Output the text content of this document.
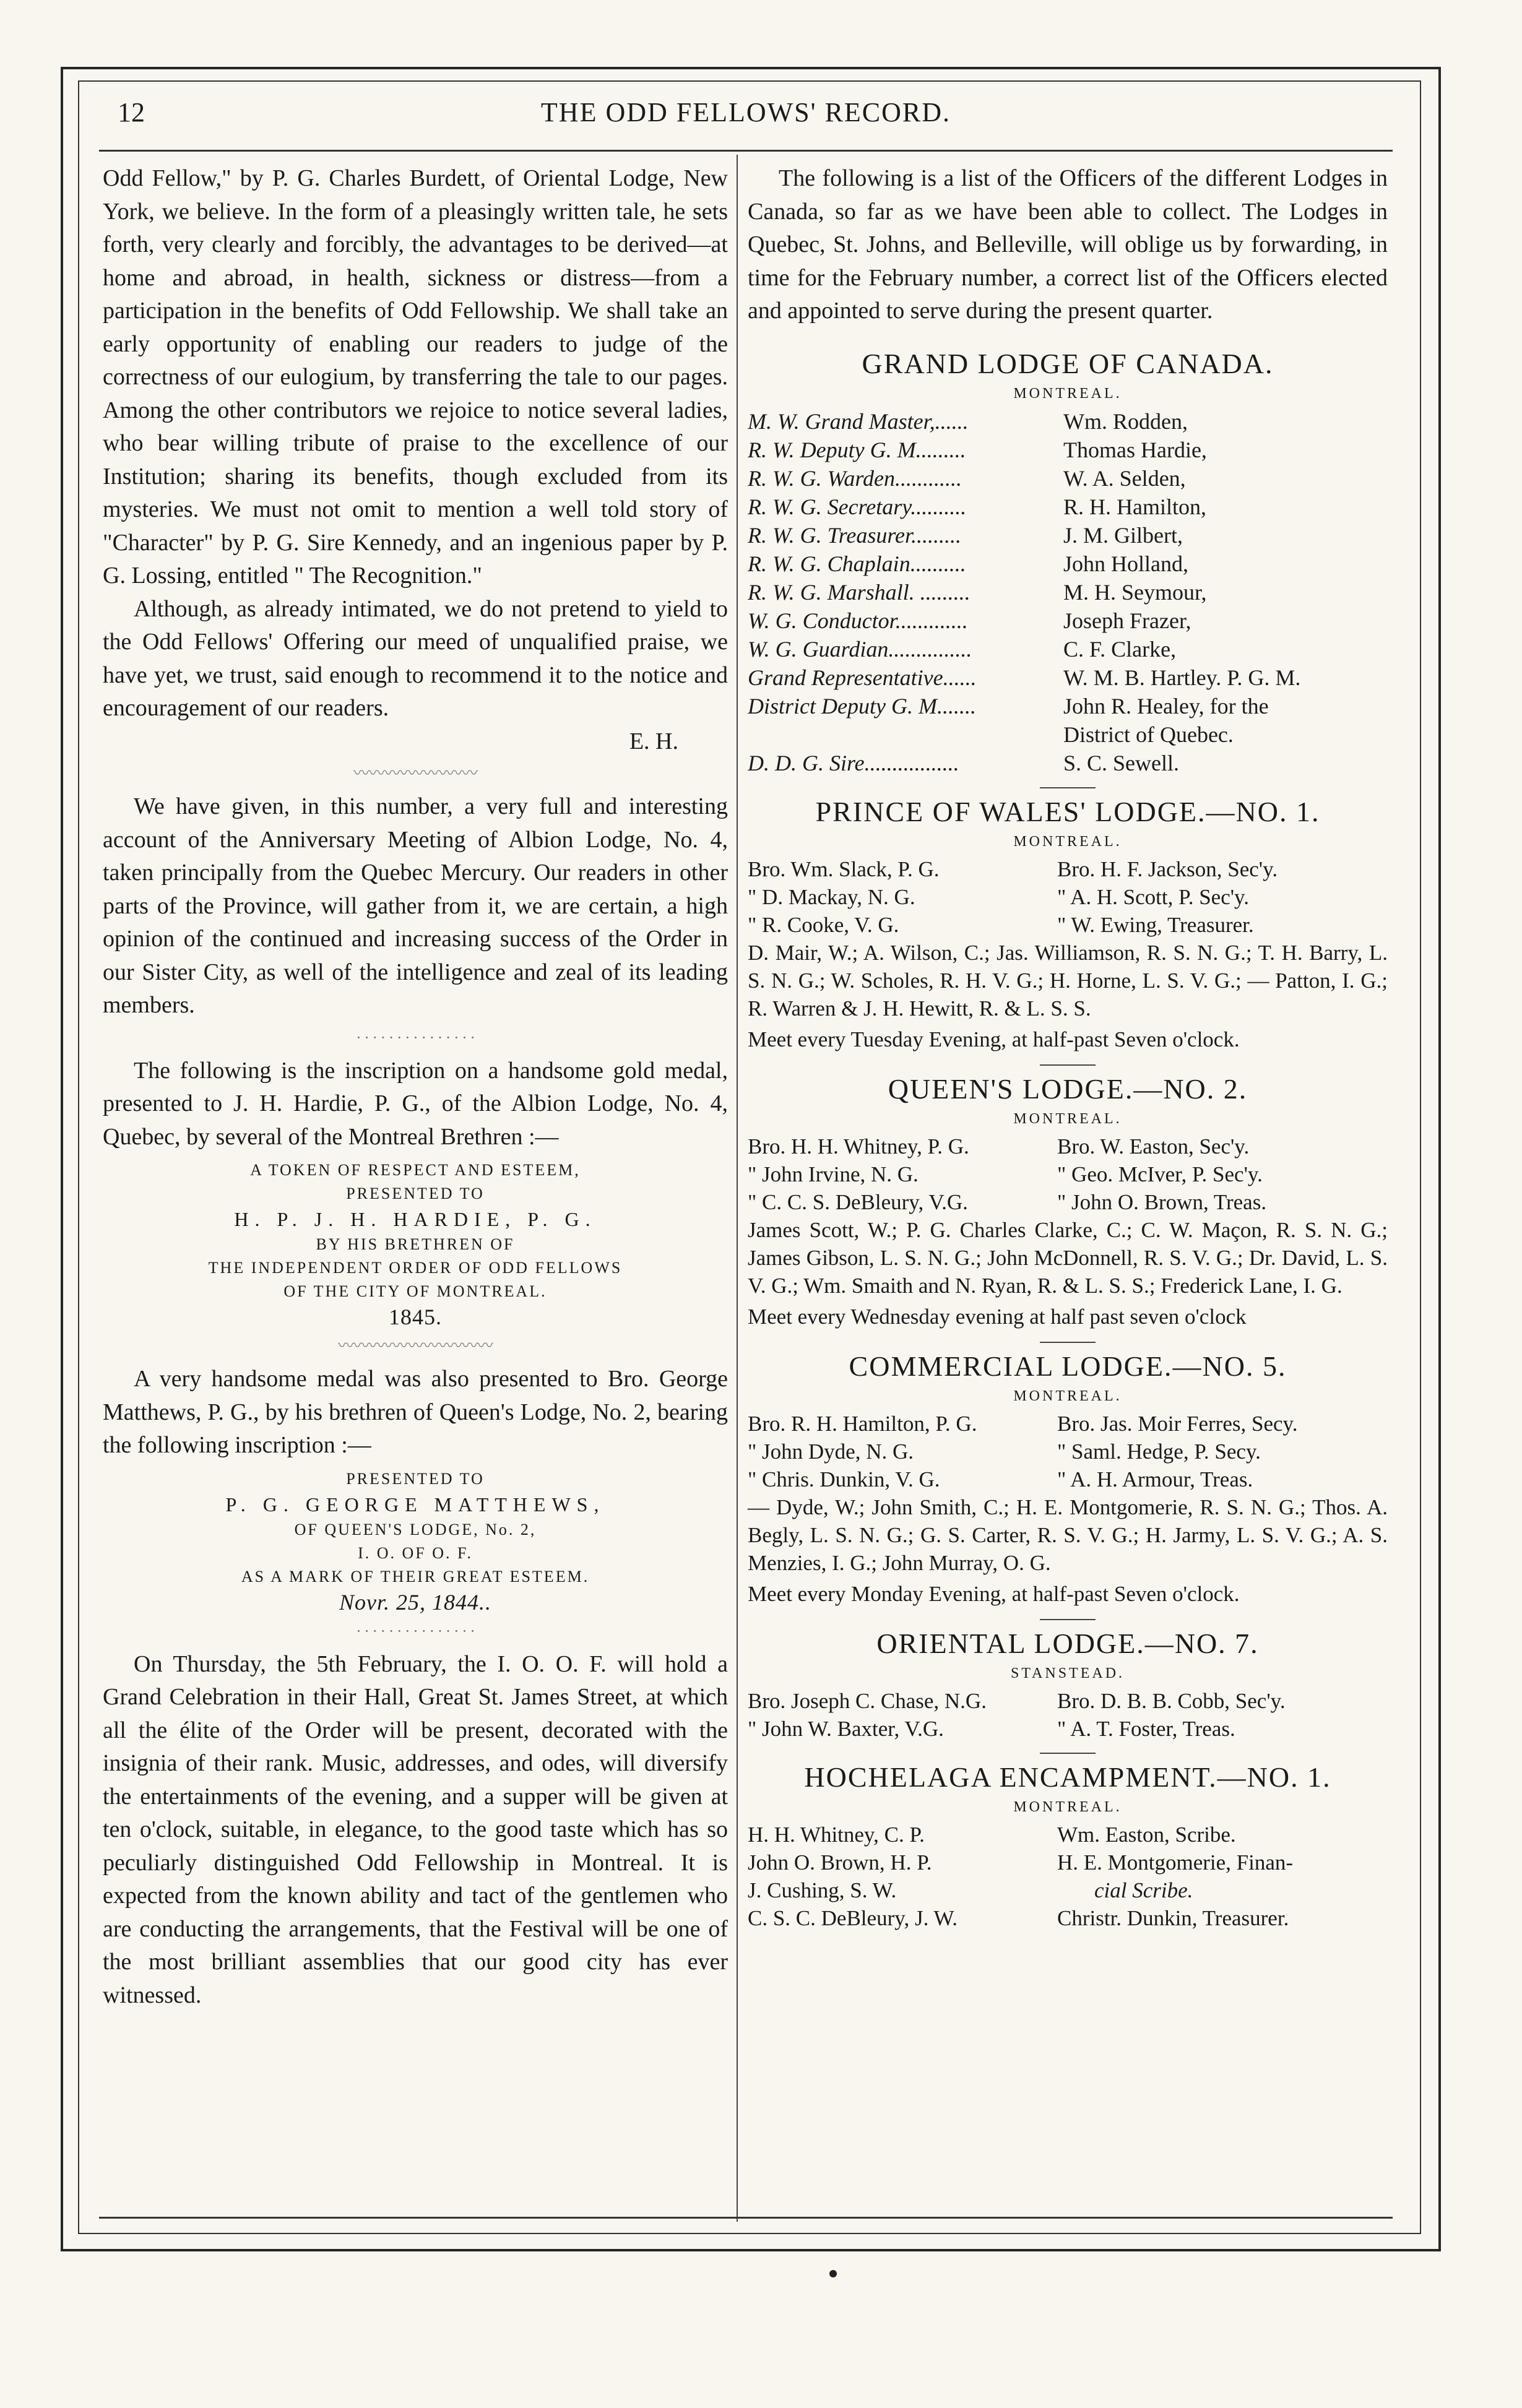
12	THE ODD FELLOWS' RECORD.

Odd Fellow," by P. G. Charles Burdett, of Oriental Lodge, New York, we believe. In the form of a pleasingly written tale, he sets forth, very clearly and forcibly, the advantages to be derived—at home and abroad, in health, sickness or distress—from a participation in the benefits of Odd Fellowship. We shall take an early opportunity of enabling our readers to judge of the correctness of our eulogium, by transferring the tale to our pages. Among the other contributors we rejoice to notice several ladies, who bear willing tribute of praise to the excellence of our Institution; sharing its benefits, though excluded from its mysteries. We must not omit to mention a well told story of "Character" by P. G. Sire Kennedy, and an ingenious paper by P. G. Lossing, entitled " The Recognition."

Although, as already intimated, we do not pretend to yield to the Odd Fellows' Offering our meed of unqualified praise, we have yet, we trust, said enough to recommend it to the notice and encouragement of our readers.

E. H.

〰〰〰〰〰〰〰〰

We have given, in this number, a very full and interesting account of the Anniversary Meeting of Albion Lodge, No. 4, taken principally from the Quebec Mercury. Our readers in other parts of the Province, will gather from it, we are certain, a high opinion of the continued and increasing success of the Order in our Sister City, as well of the intelligence and zeal of its leading members.

· · · · · · · · · · · · · · ·

The following is the inscription on a handsome gold medal, presented to J. H. Hardie, P. G., of the Albion Lodge, No. 4, Quebec, by several of the Montreal Brethren :—

A TOKEN OF RESPECT AND ESTEEM,
PRESENTED TO
H. P. J. H. HARDIE, P. G.
BY HIS BRETHREN OF
THE INDEPENDENT ORDER OF ODD FELLOWS
OF THE CITY OF MONTREAL.
1845.
〰〰〰〰〰〰〰〰〰〰

A very handsome medal was also presented to Bro. George Matthews, P. G., by his brethren of Queen's Lodge, No. 2, bearing the following inscription :—

PRESENTED TO
P. G. GEORGE MATTHEWS,
OF QUEEN'S LODGE, No. 2,
I. O. OF O. F.
AS A MARK OF THEIR GREAT ESTEEM.
Novr. 25, 1844..
· · · · · · · · · · · · · · ·

On Thursday, the 5th February, the I. O. O. F. will hold a Grand Celebration in their Hall, Great St. James Street, at which all the élite of the Order will be present, decorated with the insignia of their rank. Music, addresses, and odes, will diversify the entertainments of the evening, and a supper will be given at ten o'clock, suitable, in elegance, to the good taste which has so peculiarly distinguished Odd Fellowship in Montreal. It is expected from the known ability and tact of the gentlemen who are conducting the arrangements, that the Festival will be one of the most brilliant assemblies that our good city has ever witnessed.

The following is a list of the Officers of the different Lodges in Canada, so far as we have been able to collect. The Lodges in Quebec, St. Johns, and Belleville, will oblige us by forwarding, in time for the February number, a correct list of the Officers elected and appointed to serve during the present quarter.

GRAND LODGE OF CANADA.
MONTREAL.
M. W. Grand Master,......	Wm. Rodden,
R. W. Deputy G. M.........	Thomas Hardie,
R. W. G. Warden............	W. A. Selden,
R. W. G. Secretary..........	R. H. Hamilton,
R. W. G. Treasurer.........	J. M. Gilbert,
R. W. G. Chaplain..........	John Holland,
R. W. G. Marshall. .........	M. H. Seymour,
W. G. Conductor.............	Joseph Frazer,
W. G. Guardian...............	C. F. Clarke,
Grand Representative......	W. M. B. Hartley. P. G. M.
District Deputy G. M.......	John R. Healey, for the
District of Quebec.
D. D. G. Sire.................	S. C. Sewell.
PRINCE OF WALES' LODGE.—NO. 1.
MONTREAL.
Bro. Wm. Slack, P. G.	Bro. H. F. Jackson, Sec'y.
" D. Mackay, N. G.	" A. H. Scott, P. Sec'y.
" R. Cooke, V. G.	" W. Ewing, Treasurer.
D. Mair, W.; A. Wilson, C.; Jas. Williamson, R. S. N. G.; T. H. Barry, L. S. N. G.; W. Scholes, R. H. V. G.; H. Horne, L. S. V. G.; — Patton, I. G.; R. Warren & J. H. Hewitt, R. & L. S. S.
Meet every Tuesday Evening, at half-past Seven o'clock.
QUEEN'S LODGE.—NO. 2.
MONTREAL.
Bro. H. H. Whitney, P. G.	Bro. W. Easton, Sec'y.
" John Irvine, N. G.	" Geo. McIver, P. Sec'y.
" C. C. S. DeBleury, V.G.	" John O. Brown, Treas.
James Scott, W.; P. G. Charles Clarke, C.; C. W. Maçon, R. S. N. G.; James Gibson, L. S. N. G.; John McDonnell, R. S. V. G.; Dr. David, L. S. V. G.; Wm. Smaith and N. Ryan, R. & L. S. S.; Frederick Lane, I. G.
Meet every Wednesday evening at half past seven o'clock
COMMERCIAL LODGE.—NO. 5.
MONTREAL.
Bro. R. H. Hamilton, P. G.	Bro. Jas. Moir Ferres, Secy.
" John Dyde, N. G.	" Saml. Hedge, P. Secy.
" Chris. Dunkin, V. G.	" A. H. Armour, Treas.
— Dyde, W.; John Smith, C.; H. E. Montgomerie, R. S. N. G.; Thos. A. Begly, L. S. N. G.; G. S. Carter, R. S. V. G.; H. Jarmy, L. S. V. G.; A. S. Menzies, I. G.; John Murray, O. G.
Meet every Monday Evening, at half-past Seven o'clock.
ORIENTAL LODGE.—NO. 7.
STANSTEAD.
Bro. Joseph C. Chase, N.G.	Bro. D. B. B. Cobb, Sec'y.
" John W. Baxter, V.G.	" A. T. Foster, Treas.
HOCHELAGA ENCAMPMENT.—NO. 1.
MONTREAL.
H. H. Whitney, C. P.	Wm. Easton, Scribe.
John O. Brown, H. P.	H. E. Montgomerie, Finan-
J. Cushing, S. W.	cial Scribe.
C. S. C. DeBleury, J. W.	Christr. Dunkin, Treasurer.
